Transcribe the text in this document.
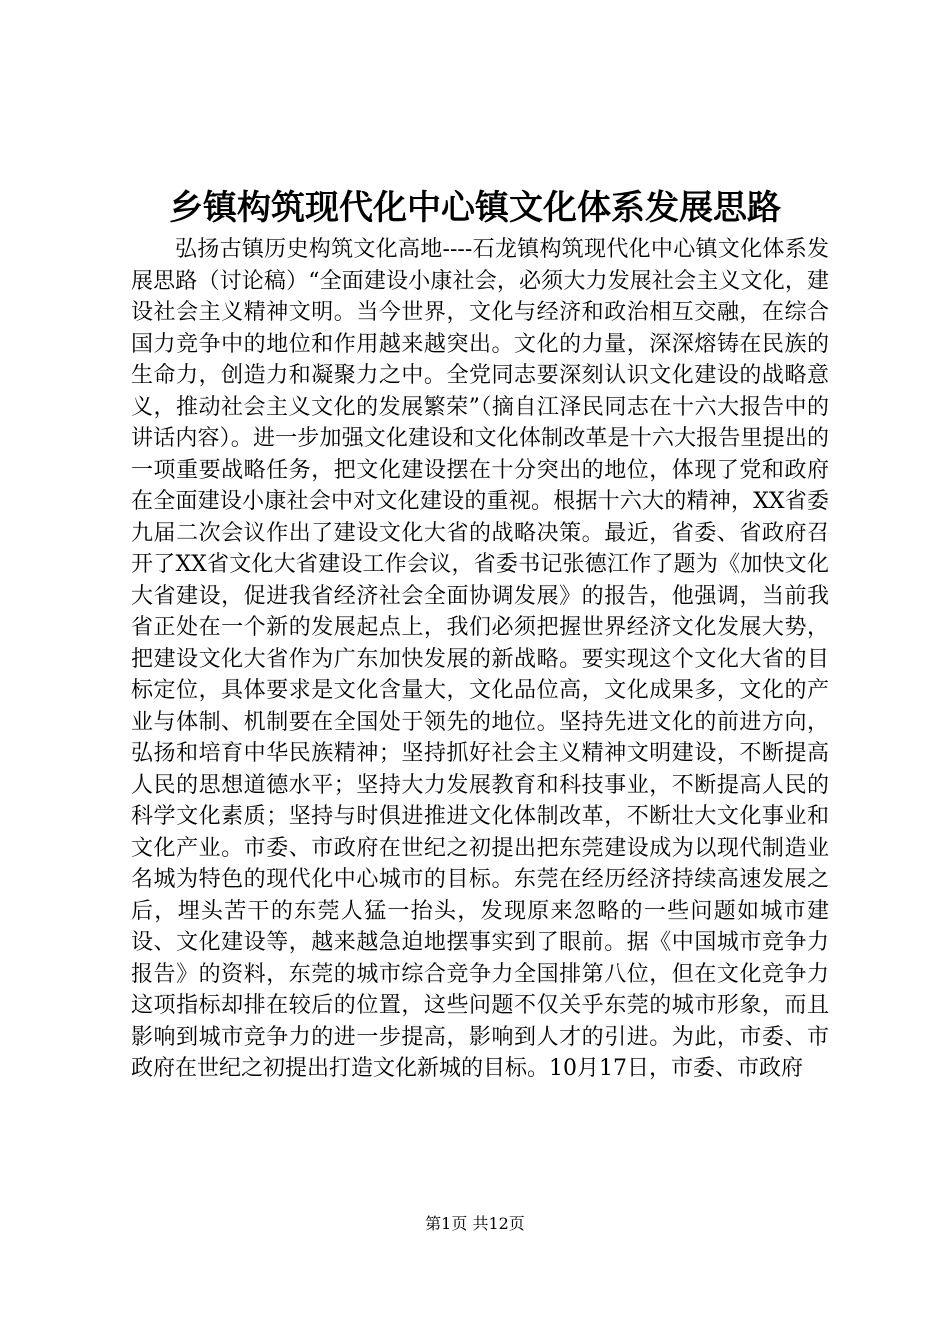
乡镇构筑现代化中心镇文化体系发展思路

弘扬古镇历史构筑文化高地----石龙镇构筑现代化中心镇文化体系发展思路（讨论稿）“全面建设小康社会，必须大力发展社会主义文化，建设社会主义精神文明。当今世界，文化与经济和政治相互交融，在综合国力竞争中的地位和作用越来越突出。文化的力量，深深熔铸在民族的生命力，创造力和凝聚力之中。全党同志要深刻认识文化建设的战略意义，推动社会主义文化的发展繁荣”（摘自江泽民同志在十六大报告中的讲话内容）。进一步加强文化建设和文化体制改革是十六大报告里提出的一项重要战略任务，把文化建设摆在十分突出的地位，体现了党和政府在全面建设小康社会中对文化建设的重视。根据十六大的精神，XX省委九届二次会议作出了建设文化大省的战略决策。最近，省委、省政府召开了XX省文化大省建设工作会议，省委书记张德江作了题为《加快文化大省建设，促进我省经济社会全面协调发展》的报告，他强调，当前我省正处在一个新的发展起点上，我们必须把握世界经济文化发展大势，把建设文化大省作为广东加快发展的新战略。要实现这个文化大省的目标定位，具体要求是文化含量大，文化品位高，文化成果多，文化的产业与体制、机制要在全国处于领先的地位。坚持先进文化的前进方向，弘扬和培育中华民族精神；坚持抓好社会主义精神文明建设，不断提高人民的思想道德水平；坚持大力发展教育和科技事业，不断提高人民的科学文化素质；坚持与时俱进推进文化体制改革，不断壮大文化事业和文化产业。市委、市政府在世纪之初提出把东莞建设成为以现代制造业名城为特色的现代化中心城市的目标。东莞在经历经济持续高速发展之后，埋头苦干的东莞人猛一抬头，发现原来忽略的一些问题如城市建设、文化建设等，越来越急迫地摆事实到了眼前。据《中国城市竞争力报告》的资料，东莞的城市综合竞争力全国排第八位，但在文化竞争力这项指标却排在较后的位置，这些问题不仅关乎东莞的城市形象，而且影响到城市竞争力的进一步提高，影响到人才的引进。为此，市委、市政府在世纪之初提出打造文化新城的目标。10月17日，市委、市政府

第1页 共12页
